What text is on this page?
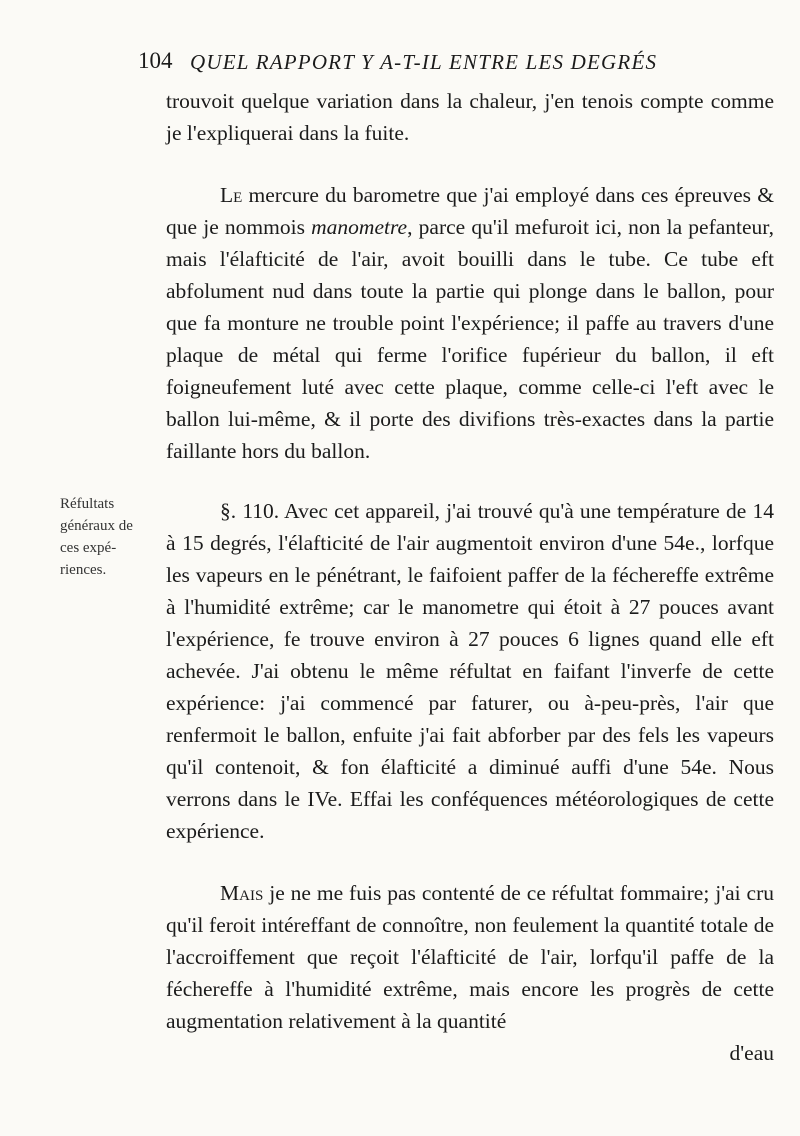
104 QUEL RAPPORT Y A-T-IL ENTRE LES DEGRÉS
Réfultats
généraux de
ces expé-
riences.

trouvoit quelque variation dans la chaleur, j'en tenois compte comme je l'expliquerai dans la fuite.

Le mercure du barometre que j'ai employé dans ces épreuves & que je nommois manometre, parce qu'il mefuroit ici, non la pefanteur, mais l'élafticité de l'air, avoit bouilli dans le tube. Ce tube eft abfolument nud dans toute la partie qui plonge dans le ballon, pour que fa monture ne trouble point l'expérience; il paffe au travers d'une plaque de métal qui ferme l'orifice fupérieur du ballon, il eft foigneufement luté avec cette plaque, comme celle-ci l'eft avec le ballon lui-même, & il porte des divifions très-exactes dans la partie faillante hors du ballon.

§. 110. Avec cet appareil, j'ai trouvé qu'à une température de 14 à 15 degrés, l'élafticité de l'air augmentoit environ d'une 54e., lorfque les vapeurs en le pénétrant, le faifoient paffer de la féchereffe extrême à l'humidité extrême; car le manometre qui étoit à 27 pouces avant l'expérience, fe trouve environ à 27 pouces 6 lignes quand elle eft achevée. J'ai obtenu le même réfultat en faifant l'inverfe de cette expérience: j'ai commencé par faturer, ou à-peu-près, l'air que renfermoit le ballon, enfuite j'ai fait abforber par des fels les vapeurs qu'il contenoit, & fon élafticité a diminué auffi d'une 54e. Nous verrons dans le IVe. Effai les conféquences météorologiques de cette expérience.

Mais je ne me fuis pas contenté de ce réfultat fommaire; j'ai cru qu'il feroit intéreffant de connoître, non feulement la quantité totale de l'accroiffement que reçoit l'élafticité de l'air, lorfqu'il paffe de la féchereffe à l'humidité extrême, mais encore les progrès de cette augmentation relativement à la quantité

d'eau
